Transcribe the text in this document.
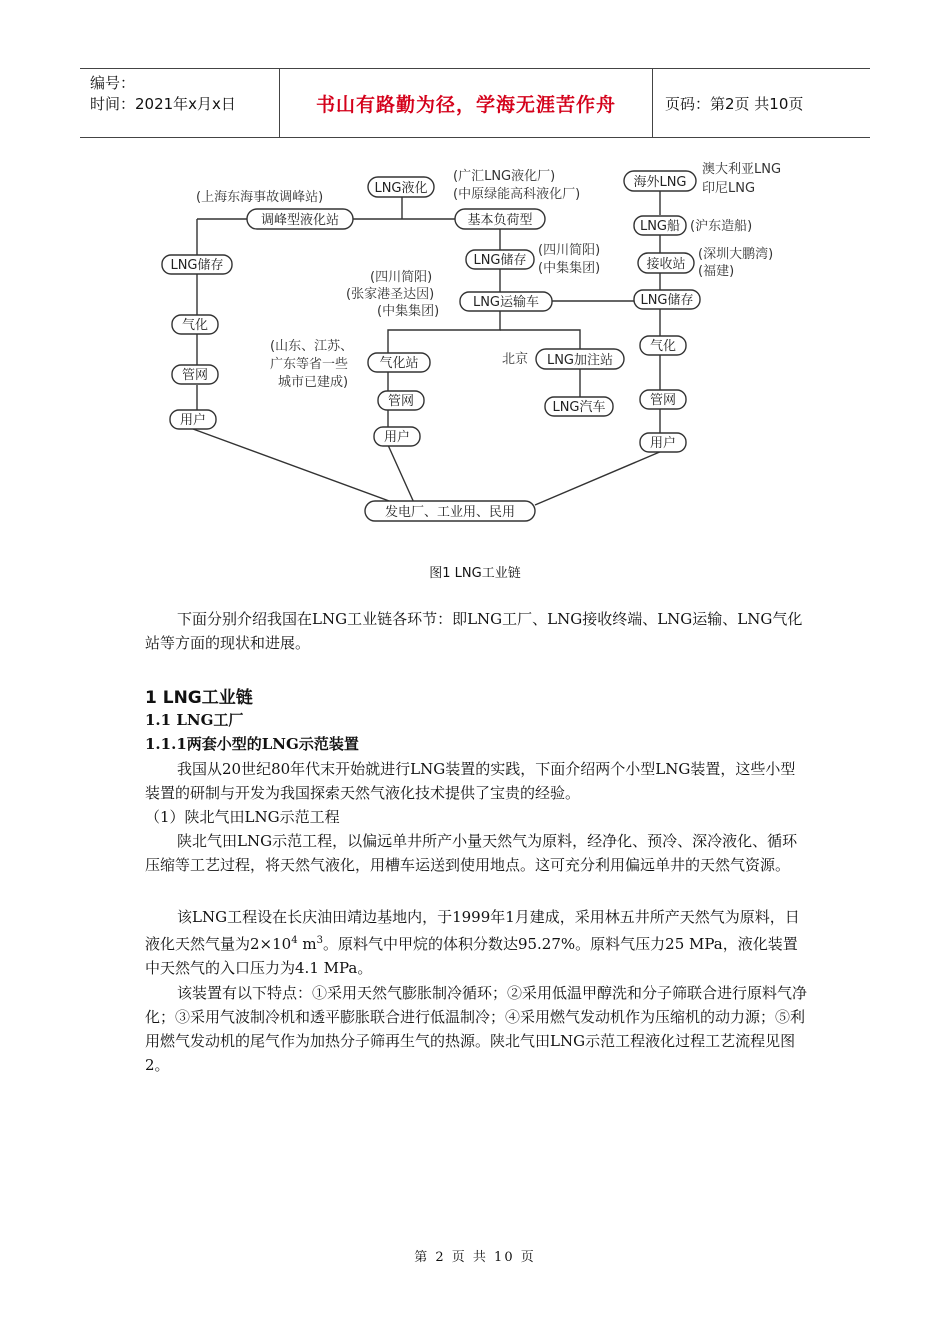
编号：
时间：2021年x月x日	书山有路勤为径，学海无涯苦作舟	页码：第2页 共10页
LNG液化
调峰型液化站	基本负荷型
海外LNG
LNG船
接收站
LNG储存
气化
管网
用户
LNG储存
LNG运输车
气化站
管网
用户
LNG加注站
LNG汽车
LNG储存
气化
管网
用户
发电厂、工业用、民用
(上海东海事故调峰站)
(广汇LNG液化厂)
(中原绿能高科液化厂)
澳大利亚LNG
印尼LNG
(沪东造船)
(深圳大鹏湾)
(福建)
(四川简阳)
(中集集团)
(四川简阳)
(张家港圣达因)
(中集集团)
(山东、江苏、
广东等省一些
城市已建成)
北京
图1 LNG工业链

下面分别介绍我国在LNG工业链各环节：即LNG工厂、LNG接收终端、LNG运输、LNG气化站等方面的现状和进展。

1 LNG工业链
1.1 LNG工厂
1.1.1两套小型的LNG示范装置

我国从20世纪80年代末开始就进行LNG装置的实践，下面介绍两个小型LNG装置，这些小型装置的研制与开发为我国探索天然气液化技术提供了宝贵的经验。

（1）陕北气田LNG示范工程

陕北气田LNG示范工程，以偏远单井所产小量天然气为原料，经净化、预冷、深冷液化、循环压缩等工艺过程，将天然气液化，用槽车运送到使用地点。这可充分利用偏远单井的天然气资源。

该LNG工程设在长庆油田靖边基地内，于1999年1月建成，采用林五井所产天然气为原料，日液化天然气量为$2\times 10^4$ $m^3$。原料气中甲烷的体积分数达95.27%。原料气压力25 MPa，液化装置中天然气的入口压力为4.1 MPa。

该装置有以下特点：①采用天然气膨胀制冷循环；②采用低温甲醇洗和分子筛联合进行原料气净化；③采用气波制冷机和透平膨胀联合进行低温制冷；④采用燃气发动机作为压缩机的动力源；⑤利用燃气发动机的尾气作为加热分子筛再生气的热源。陕北气田LNG示范工程液化过程工艺流程见图2。

第 2 页 共 10 页
